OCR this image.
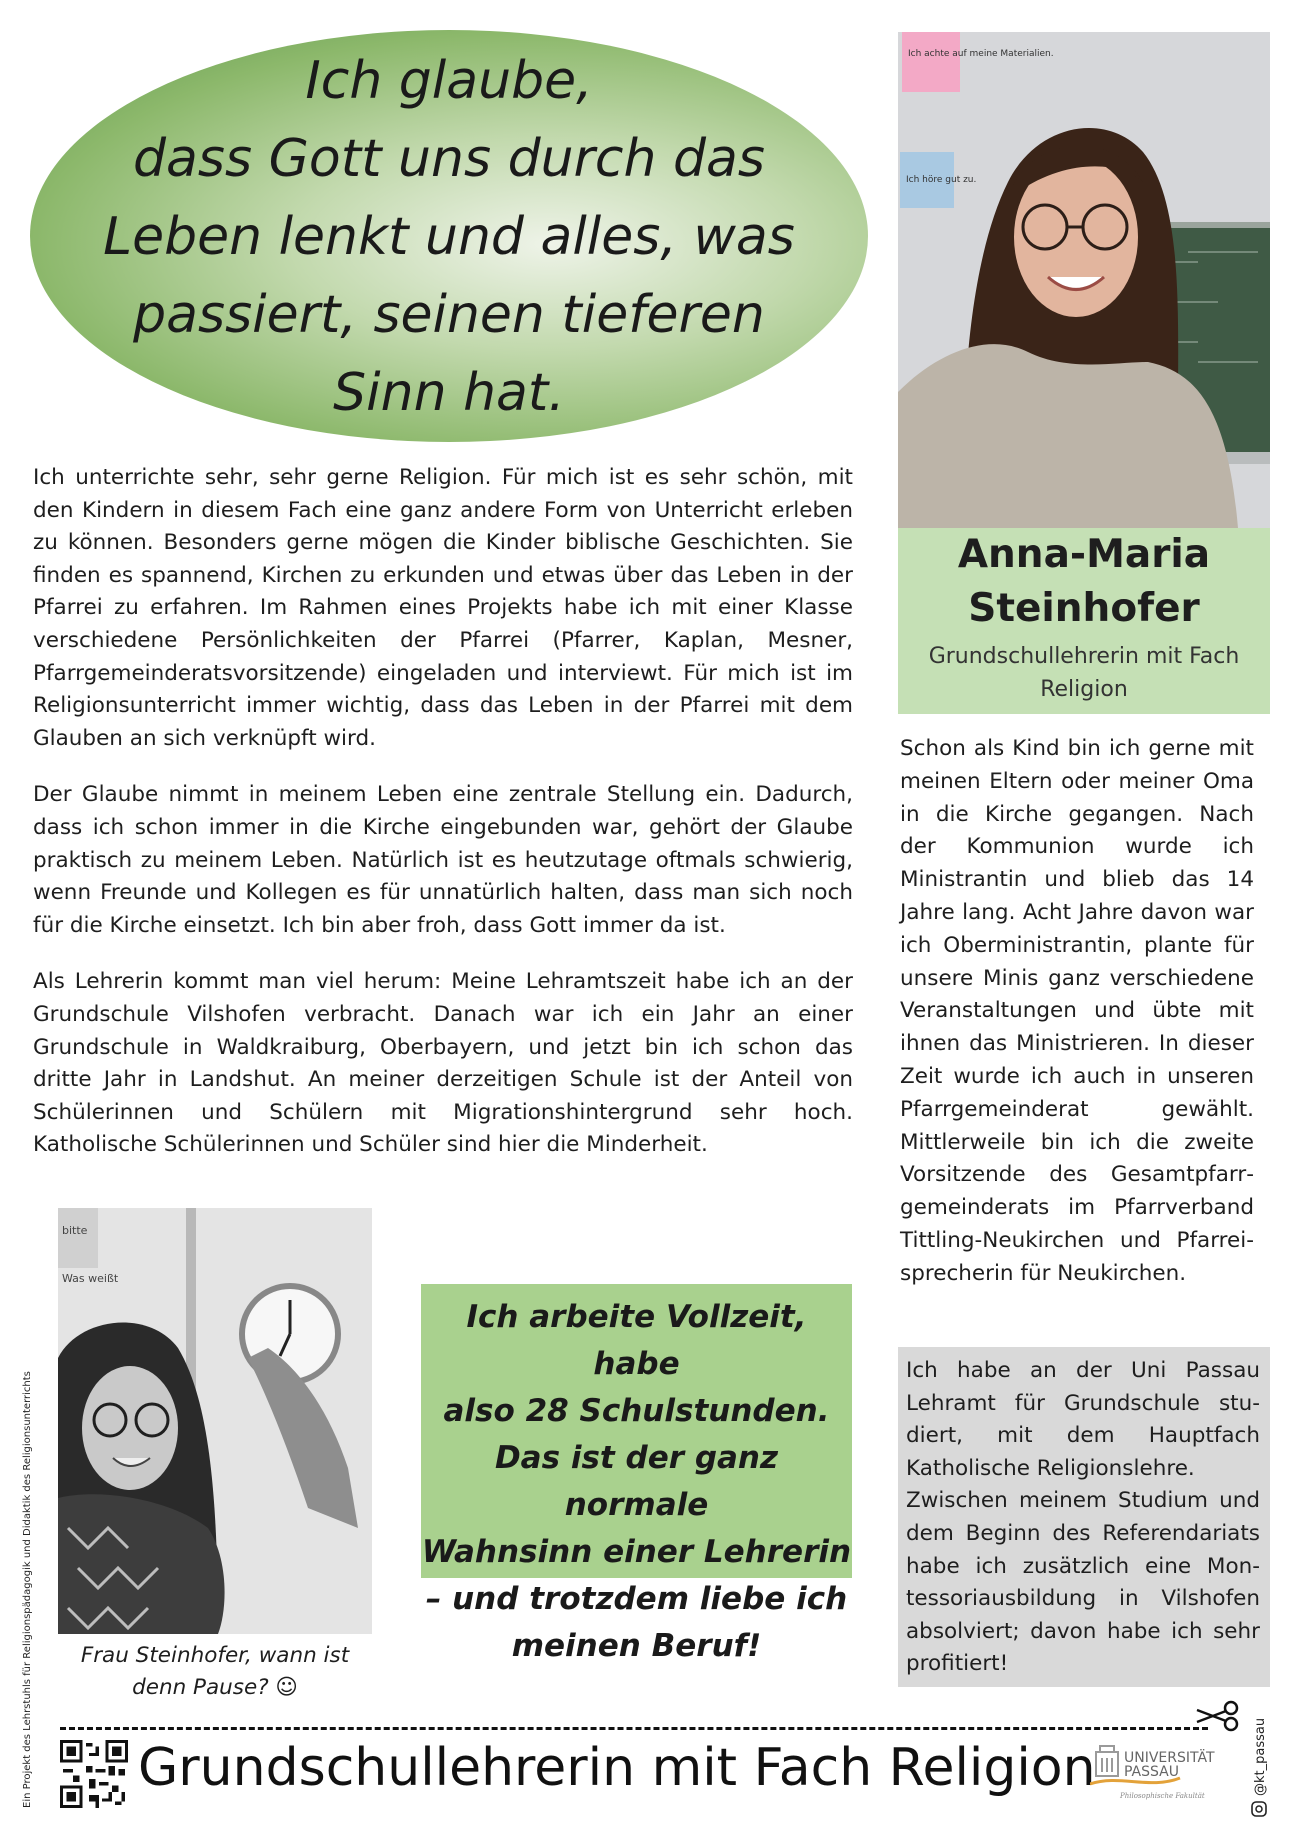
Ich glaube,
dass Gott uns durch das
Leben lenkt und alles, was
passiert, seinen tieferen
Sinn hat.

Ich unterrichte sehr, sehr gerne Religion. Für mich ist es sehr schön, mit den Kindern in diesem Fach eine ganz andere Form von Unterricht erleben zu können. Besonders gerne mögen die Kinder biblische Geschichten. Sie finden es spannend, Kirchen zu erkunden und etwas über das Leben in der Pfarrei zu erfahren. Im Rahmen eines Projekts habe ich mit einer Klasse verschiedene Persönlichkeiten der Pfarrei (Pfarrer, Kaplan, Mesner, Pfarrgemeinderatsvorsitzende) eingeladen und interviewt. Für mich ist im Religionsunterricht immer wichtig, dass das Leben in der Pfarrei mit dem Glauben an sich verknüpft wird.

Der Glaube nimmt in meinem Leben eine zentrale Stellung ein. Dadurch, dass ich schon immer in die Kirche eingebunden war, gehört der Glaube praktisch zu meinem Leben. Natürlich ist es heutzutage oftmals schwierig, wenn Freunde und Kollegen es für unnatürlich halten, dass man sich noch für die Kirche einsetzt. Ich bin aber froh, dass Gott immer da ist.

Als Lehrerin kommt man viel herum: Meine Lehramtszeit habe ich an der Grundschule Vilshofen verbracht. Danach war ich ein Jahr an einer Grundschule in Waldkraiburg, Oberbayern, und jetzt bin ich schon das dritte Jahr in Landshut. An meiner derzeitigen Schule ist der Anteil von Schülerinnen und Schülern mit Migrationshintergrund sehr hoch. Katholische Schülerinnen und Schüler sind hier die Minderheit.

Ich achte auf meine Materialien.
Ich höre gut zu.
Anna-Maria
Steinhofer
Grundschullehrerin mit Fach Religion

Schon als Kind bin ich gerne mit meinen Eltern oder meiner Oma in die Kirche gegangen. Nach der Kommunion wurde ich Ministrantin und blieb das 14 Jahre lang. Acht Jahre davon war ich Oberministrantin, plante für unsere Minis ganz verschiedene Veranstaltungen und übte mit ihnen das Ministrieren. In dieser Zeit wurde ich auch in unseren Pfarrgemeinderat gewählt. Mittlerweile bin ich die zweite Vorsitzende des Gesamtpfarrgemeinderats im Pfarrverband Tittling-Neukirchen und Pfarreisprecherin für Neukirchen.

Ich habe an der Uni Passau Lehramt für Grundschule studiert, mit dem Hauptfach Katholische Religionslehre.
Zwischen meinem Studium und dem Beginn des Referendariats habe ich zusätzlich eine Montessoriausbildung in Vilshofen absolviert; davon habe ich sehr profitiert!
bitte
Was weißt
Frau Steinhofer, wann ist denn Pause? ☺
Ich arbeite Vollzeit, habe
also 28 Schulstunden.
Das ist der ganz normale
Wahnsinn einer Lehrerin
– und trotzdem liebe ich
meinen Beruf!
Ein Projekt des Lehrstuhls für Religionspädagogik und Didaktik des Religionsunterrichts Grundschullehrerin mit Fach Religion UNIVERSITÄT
PASSAU
Philosophische Fakultät	@kt_passau
